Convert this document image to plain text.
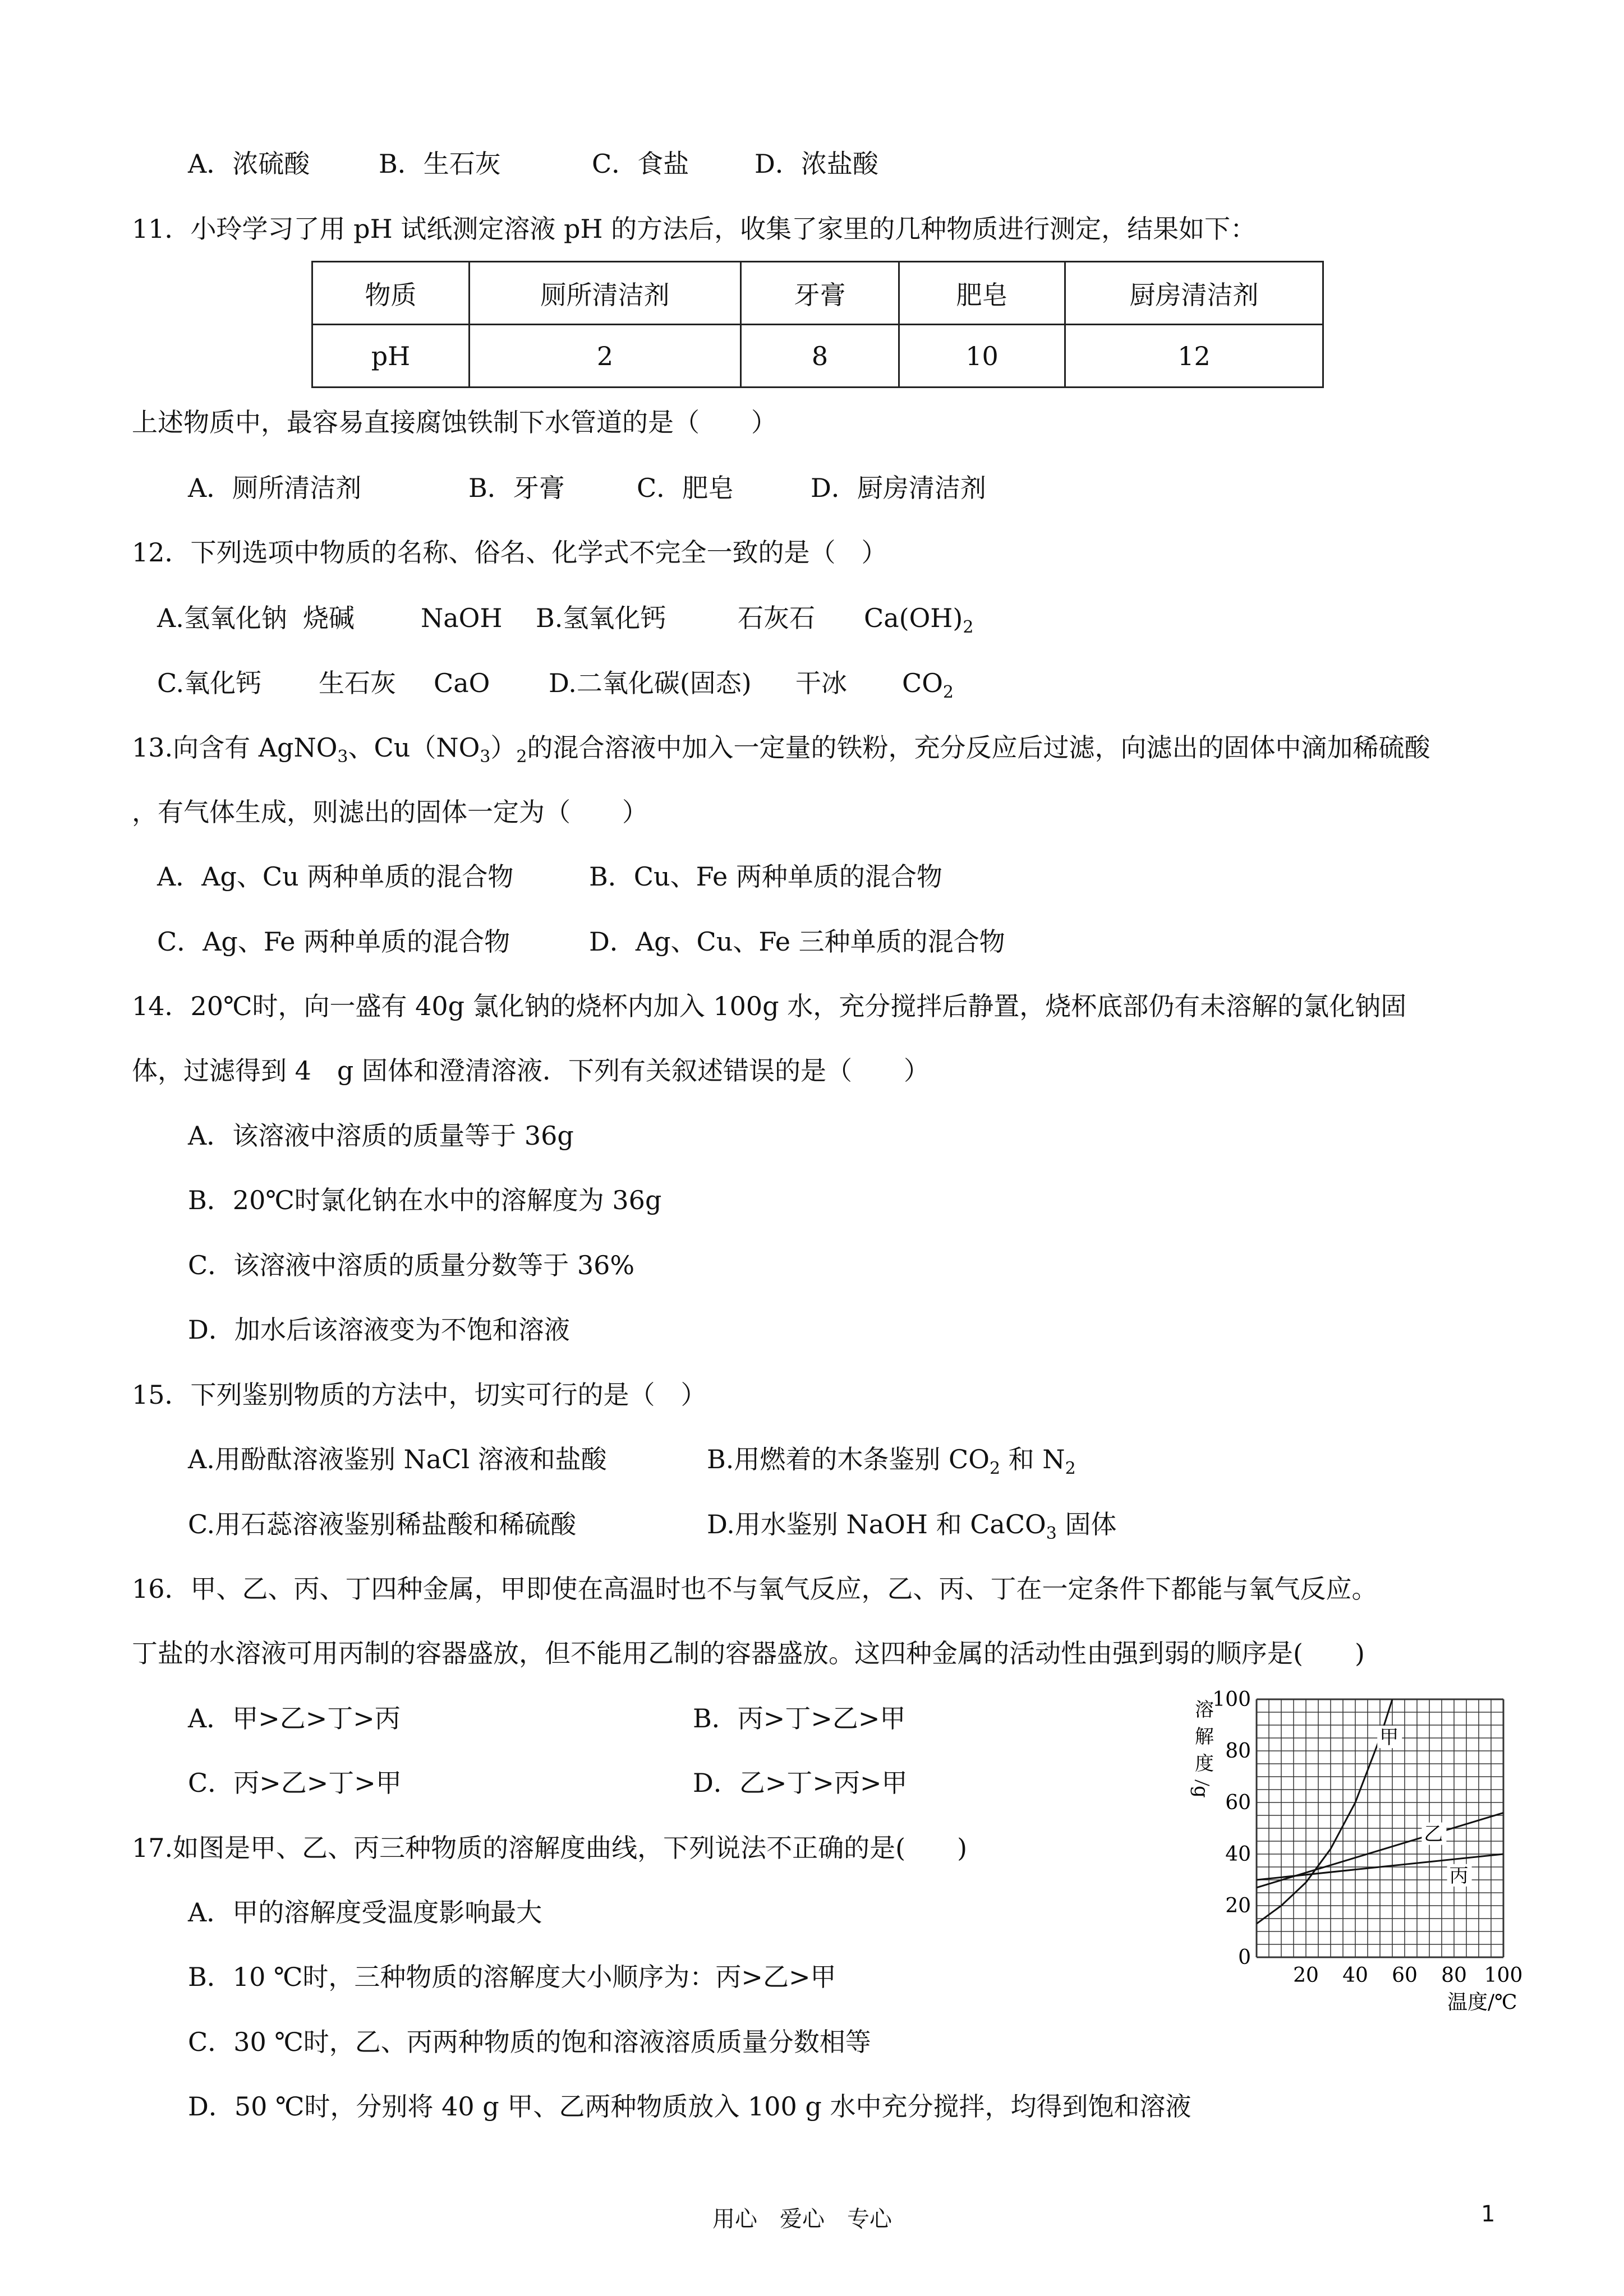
A．浓硫酸	B．生石灰	C．食盐	D．浓盐酸
11．小玲学习了用 pH 试纸测定溶液 pH 的方法后，收集了家里的几种物质进行测定，结果如下：
物质	厕所清洁剂	牙膏	肥皂	厨房清洁剂
pH	2	8	10	12
上述物质中，最容易直接腐蚀铁制下水管道的是（　　）
A．厕所清洁剂	B．牙膏	C．肥皂	D．厨房清洁剂
12．下列选项中物质的名称、俗名、化学式不完全一致的是（　）
A.氢氧化钠 烧碱	NaOH B.氢氧化钙	石灰石 $Ca(OH)_2$
C.氧化钙 生石灰 CaO D.二氧化碳(固态) 干冰 $CO_2$
13.向含有 AgNO$_3$、$Cu(NO_3)_2$的混合溶液中加入一定量的铁粉，充分反应后过滤，向滤出的固体中滴加稀硫酸
，有气体生成，则滤出的固体一定为（　　）
A．Ag、Cu 两种单质的混合物	B．Cu、Fe 两种单质的混合物
C．Ag、Fe 两种单质的混合物	D．Ag、Cu、Fe 三种单质的混合物
14．20℃时，向一盛有 40g 氯化钠的烧杯内加入 100g 水，充分搅拌后静置，烧杯底部仍有未溶解的氯化钠固
体，过滤得到 4　g 固体和澄清溶液．下列有关叙述错误的是（　　）
A．该溶液中溶质的质量等于 36g
B．20℃时氯化钠在水中的溶解度为 36g
C．该溶液中溶质的质量分数等于 36%
D．加水后该溶液变为不饱和溶液
15．下列鉴别物质的方法中，切实可行的是（　）
A.用酚酞溶液鉴别 NaCl 溶液和盐酸	B.用燃着的木条鉴别 $CO_2$ 和 $N_2$
C.用石蕊溶液鉴别稀盐酸和稀硫酸	D.用水鉴别 NaOH 和 CaCO$_3$ 固体
16．甲、乙、丙、丁四种金属，甲即使在高温时也不与氧气反应，乙、丙、丁在一定条件下都能与氧气反应。
丁盐的水溶液可用丙制的容器盛放，但不能用乙制的容器盛放。这四种金属的活动性由强到弱的顺序是(　　)
A．甲>乙>丁>丙	B．丙>丁>乙>甲
C．丙>乙>丁>甲	D．乙>丁>丙>甲
17.如图是甲、乙、丙三种物质的溶解度曲线，下列说法不正确的是(　　)
A．甲的溶解度受温度影响最大
B．10 ℃时，三种物质的溶解度大小顺序为：丙>乙>甲
C．30 ℃时，乙、丙两种物质的饱和溶液溶质质量分数相等
D．50 ℃时，分别将 40 g 甲、乙两种物质放入 100 g 水中充分搅拌，均得到饱和溶液
0
20
40
60
80
100
20 40 60 80 100
甲
乙
丙
温度/℃
溶
解
度
g
用心　爱心　专心	1
